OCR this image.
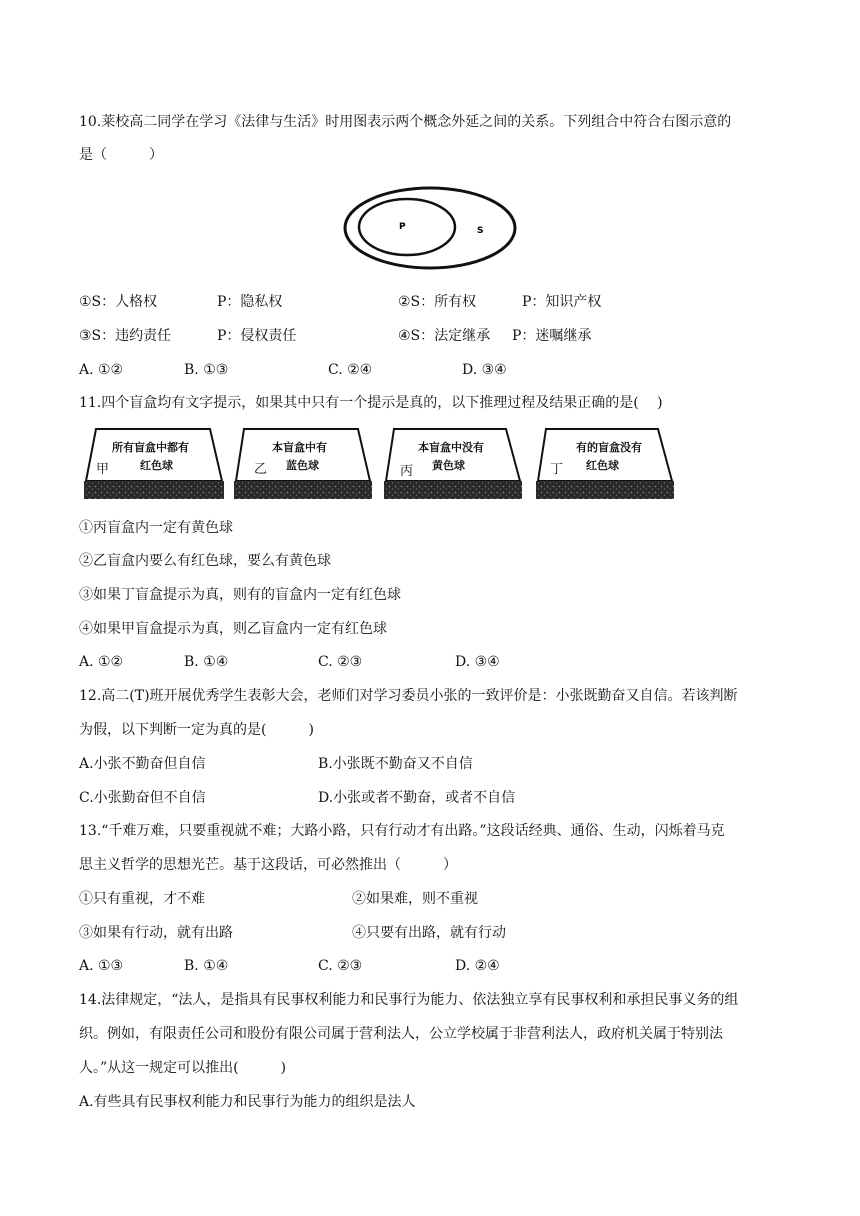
10.莱校高二同学在学习《法律与生活》时用图表示两个概念外延之间的关系。下列组合中符合右图示意的
是（　　　）
P	S
①S：人格权	P：隐私权	②S：所有权	P：知识产权
③S：违约责任	P：侵权责任	④S：法定继承 P：迷嘱继承
A. ①②	B. ①③	C. ②④	D. ③④
11.四个盲盒均有文字提示，如果其中只有一个提示是真的，以下推理过程及结果正确的是(　 )
所有盲盒中都有
红色球
甲
本盲盒中有
蓝色球
乙
本盲盒中没有
黄色球
丙
有的盲盒没有
红色球
丁
①丙盲盒内一定有黄色球
②乙盲盒内要么有红色球，要么有黄色球
③如果丁盲盒提示为真，则有的盲盒内一定有红色球
④如果甲盲盒提示为真，则乙盲盒内一定有红色球
A. ①②	B. ①④	C. ②③	D. ③④
12.高二(T)班开展优秀学生表彰大会，老师们对学习委员小张的一致评价是：小张既勤奋又自信。若该判断
为假，以下判断一定为真的是(　　　)
A.小张不勤奋但自信	B.小张既不勤奋又不自信
C.小张勤奋但不自信	D.小张或者不勤奋，或者不自信
13.“千难万难，只要重视就不难；大路小路，只有行动才有出路。”这段话经典、通俗、生动，闪烁着马克
思主义哲学的思想光芒。基于这段话，可必然推出（　　　）
①只有重视，才不难	②如果难，则不重视
③如果有行动，就有出路	④只要有出路，就有行动
A. ①③	B. ①④	C. ②③	D. ②④
14.法律规定，“法人，是指具有民事权利能力和民事行为能力、依法独立享有民事权利和承担民事义务的组
织。例如，有限责任公司和股份有限公司属于营利法人，公立学校属于非营利法人，政府机关属于特别法
人。”从这一规定可以推出(　　　)
A.有些具有民事权利能力和民事行为能力的组织是法人
